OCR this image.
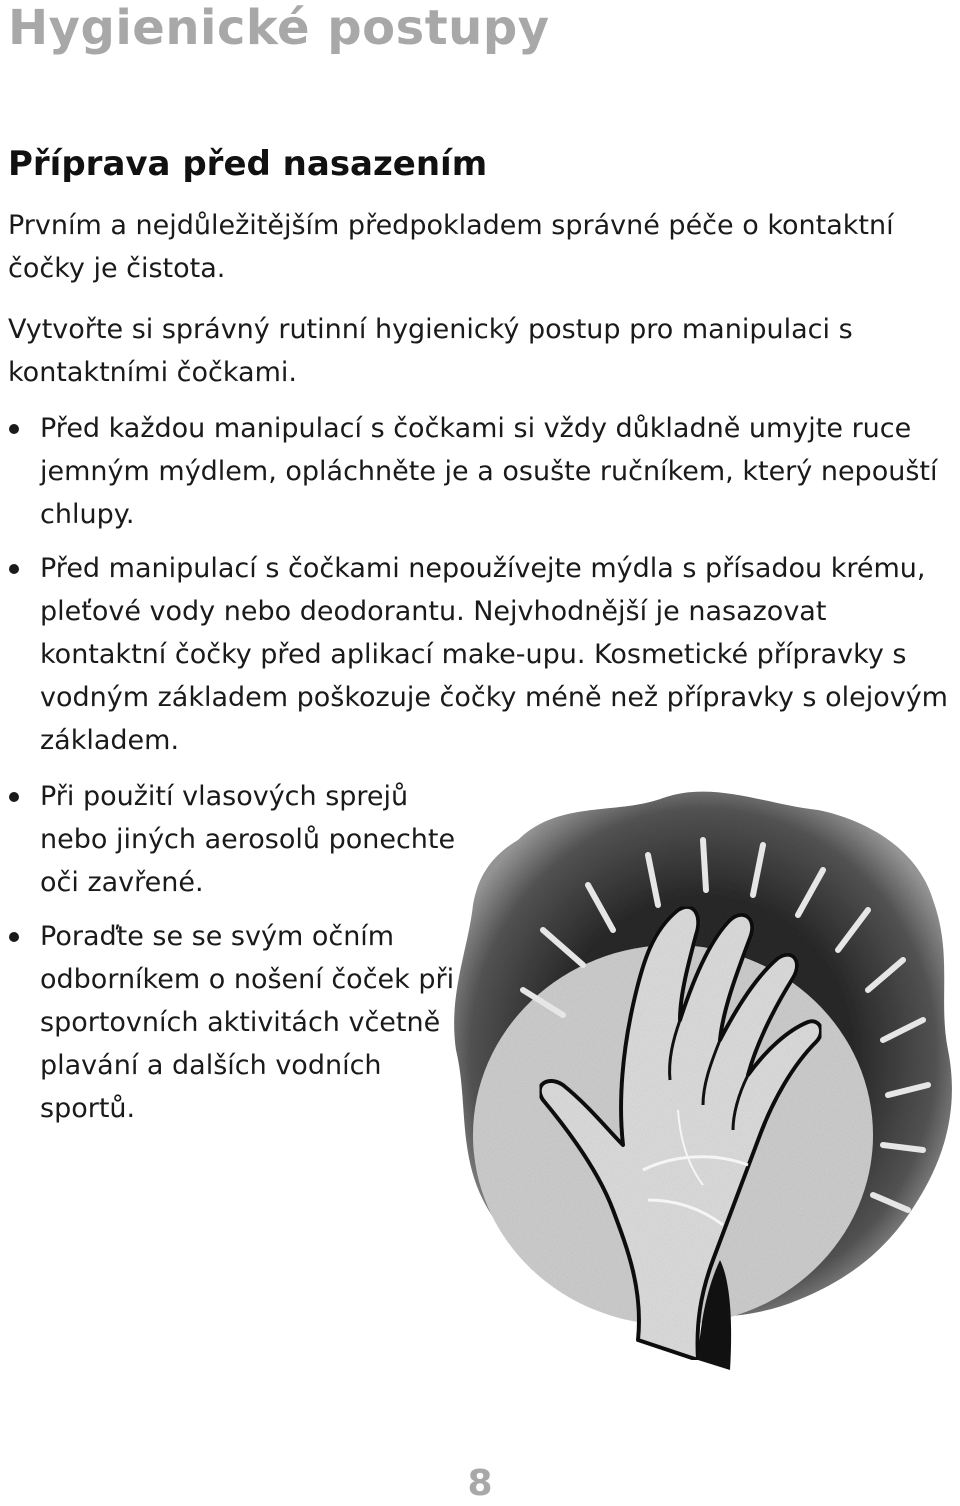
Hygienické postupy
Příprava před nasazením

Prvním a nejdůležitějším předpokladem správné péče o kontaktní čočky je čistota.

Vytvořte si správný rutinní hygienický postup pro manipulaci s kontaktními čočkami.

Před každou manipulací s čočkami si vždy důkladně umyjte ruce jemným mýdlem, opláchněte je a osušte ručníkem, který nepouští chlupy.

Před manipulací s čočkami nepoužívejte mýdla s přísadou krému, pleťové vody nebo deodorantu. Nejvhodnější je nasazovat kontaktní čočky před aplikací make-upu. Kosmetické přípravky s vodným základem poškozuje čočky méně než přípravky s olejovým základem.

Při použití vlasových sprejů nebo jiných aerosolů ponechte oči zavřené.

Poraďte se se svým očním odborníkem o nošení čoček při sportovních aktivitách včetně plavání a dalších vodních sportů.

8
